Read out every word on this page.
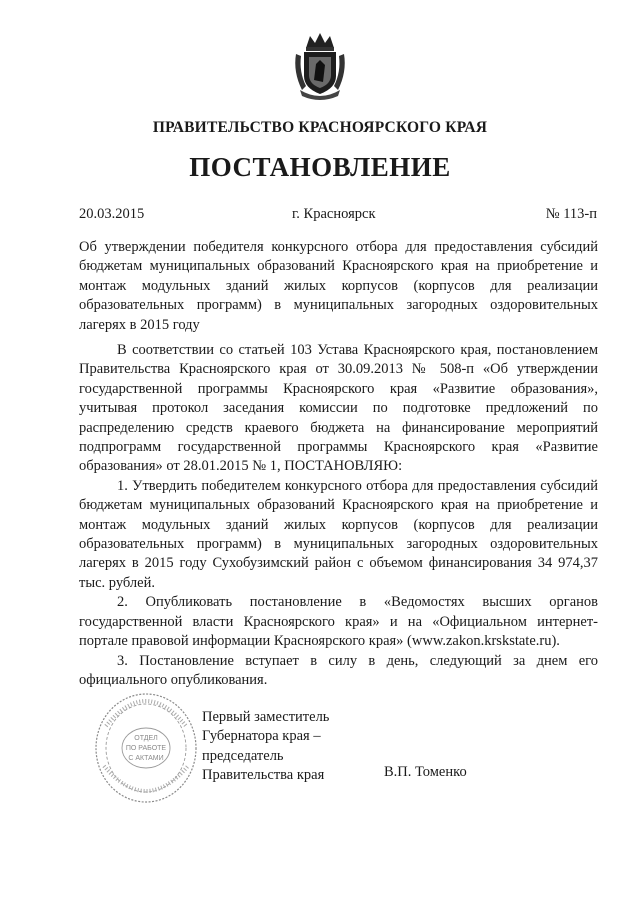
ПРАВИТЕЛЬСТВО КРАСНОЯРСКОГО КРАЯ
ПОСТАНОВЛЕНИЕ
20.03.2015	г. Красноярск	№ 113-п
Об утверждении победителя конкурсного отбора для предоставления субсидий бюджетам муниципальных образований Красноярского края на приобретение и монтаж модульных зданий жилых корпусов (корпусов для реализации образовательных программ) в муниципальных загородных оздоровительных лагерях в 2015 году

В соответствии со статьей 103 Устава Красноярского края, постановлением Правительства Красноярского края от 30.09.2013 № 508-п «Об утверждении государственной программы Красноярского края «Развитие образования», учитывая протокол заседания комиссии по подготовке предложений по распределению средств краевого бюджета на финансирование мероприятий подпрограмм государственной программы Красноярского края «Развитие образования» от 28.01.2015 № 1, ПОСТАНОВЛЯЮ:

1. Утвердить победителем конкурсного отбора для предоставления субсидий бюджетам муниципальных образований Красноярского края на приобретение и монтаж модульных зданий жилых корпусов (корпусов для реализации образовательных программ) в муниципальных загородных оздоровительных лагерях в 2015 году Сухобузимский район с объемом финансирования 34 974,37 тыс. рублей.

2. Опубликовать постановление в «Ведомостях высших органов государственной власти Красноярского края» и на «Официальном интернет-портале правовой информации Красноярского края» (www.zakon.krskstate.ru).

3. Постановление вступает в силу в день, следующий за днем его официального опубликования.

ОТДЕЛ
ПО РАБОТЕ
С АКТАМИ
Первый заместитель
Губернатора края –
председатель
Правительства края	В.П. Томенко
